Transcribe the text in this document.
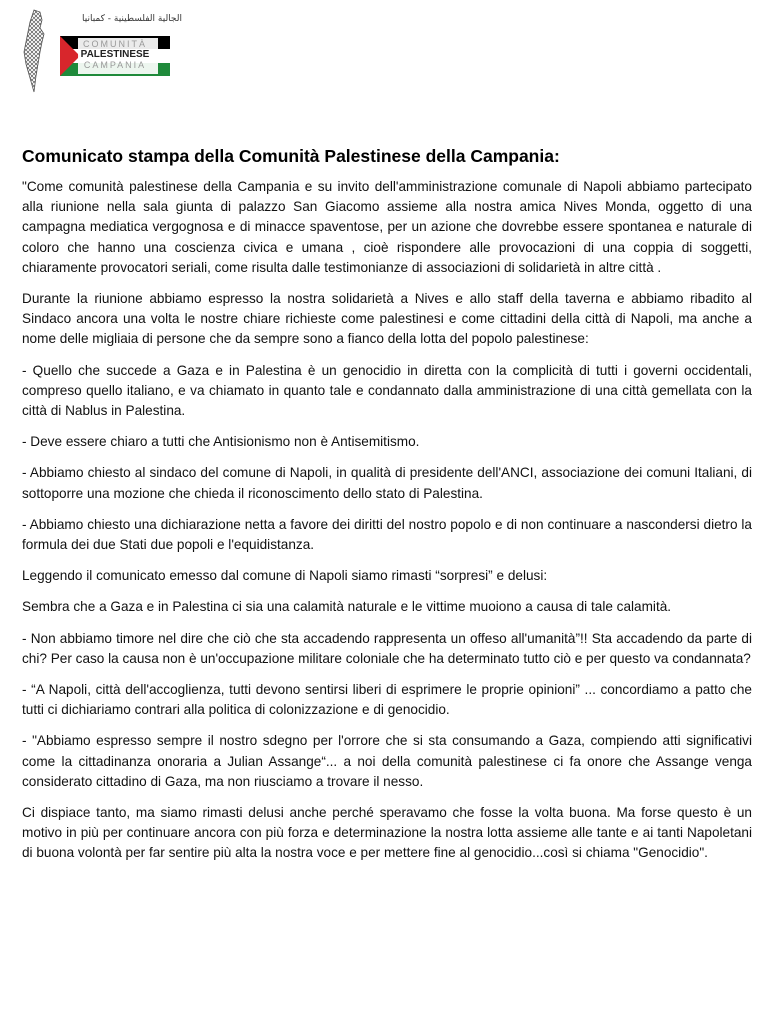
الجالية الفلسطينية - كمبانيا
COMUNITÀ
PALESTINESE
CAMPANIA
Comunicato stampa della Comunità Palestinese della Campania:

"Come comunità palestinese della Campania e su invito dell'amministrazione comunale di Napoli abbiamo partecipato alla riunione nella sala giunta di palazzo San Giacomo assieme alla nostra amica Nives Monda, oggetto di una campagna mediatica vergognosa e di minacce spaventose, per un azione che dovrebbe essere spontanea e naturale di coloro che hanno una coscienza civica e umana , cioè rispondere alle provocazioni di una coppia di soggetti, chiaramente provocatori seriali, come risulta dalle testimonianze di associazioni di solidarietà in altre città .

Durante la riunione abbiamo espresso la nostra solidarietà a Nives e allo staff della taverna e abbiamo ribadito al Sindaco ancora una volta le nostre chiare richieste come palestinesi e come cittadini della città di Napoli, ma anche a nome delle migliaia di persone che da sempre sono a fianco della lotta del popolo palestinese:

- Quello che succede a Gaza e in Palestina è un genocidio in diretta con la complicità di tutti i governi occidentali, compreso quello italiano, e va chiamato in quanto tale e condannato dalla amministrazione di una città gemellata con la città di Nablus in Palestina.

- Deve essere chiaro a tutti che Antisionismo non è Antisemitismo.

- Abbiamo chiesto al sindaco del comune di Napoli, in qualità di presidente dell'ANCI, associazione dei comuni Italiani, di sottoporre una mozione che chieda il riconoscimento dello stato di Palestina.

- Abbiamo chiesto una dichiarazione netta a favore dei diritti del nostro popolo e di non continuare a nascondersi dietro la formula dei due Stati due popoli e l'equidistanza.

Leggendo il comunicato emesso dal comune di Napoli siamo rimasti “sorpresi” e delusi:

Sembra che a Gaza e in Palestina ci sia una calamità naturale e le vittime muoiono a causa di tale calamità.

- Non abbiamo timore nel dire che ciò che sta accadendo rappresenta un offeso all'umanità”!! Sta accadendo da parte di chi? Per caso la causa non è un'occupazione militare coloniale che ha determinato tutto ciò e per questo va condannata?

- “A Napoli, città dell'accoglienza, tutti devono sentirsi liberi di esprimere le proprie opinioni” ... concordiamo a patto che tutti ci dichiariamo contrari alla politica di colonizzazione e di genocidio.

- "Abbiamo espresso sempre il nostro sdegno per l'orrore che si sta consumando a Gaza, compiendo atti significativi come la cittadinanza onoraria a Julian Assange“... a noi della comunità palestinese ci fa onore che Assange venga considerato cittadino di Gaza, ma non riusciamo a trovare il nesso.

Ci dispiace tanto, ma siamo rimasti delusi anche perché speravamo che fosse la volta buona. Ma forse questo è un motivo in più per continuare ancora con più forza e determinazione la nostra lotta assieme alle tante e ai tanti Napoletani di buona volontà per far sentire più alta la nostra voce e per mettere fine al genocidio...così si chiama "Genocidio".
